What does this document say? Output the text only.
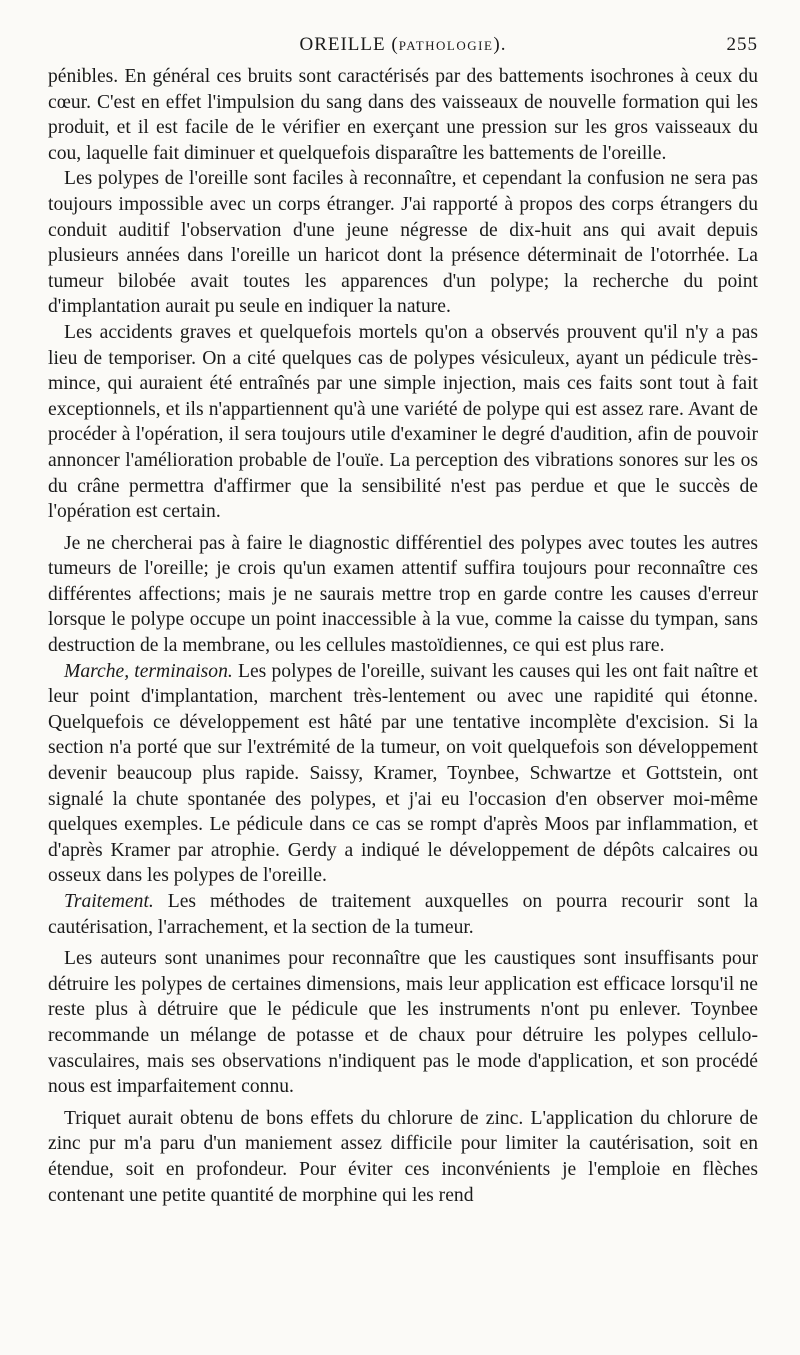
OREILLE (PATHOLOGIE).	255

pénibles. En général ces bruits sont caractérisés par des battements isochrones à ceux du cœur. C'est en effet l'impulsion du sang dans des vaisseaux de nouvelle formation qui les produit, et il est facile de le vérifier en exerçant une pression sur les gros vaisseaux du cou, laquelle fait diminuer et quelquefois disparaître les battements de l'oreille.

Les polypes de l'oreille sont faciles à reconnaître, et cependant la confusion ne sera pas toujours impossible avec un corps étranger. J'ai rapporté à propos des corps étrangers du conduit auditif l'observation d'une jeune négresse de dix-huit ans qui avait depuis plusieurs années dans l'oreille un haricot dont la présence déterminait de l'otorrhée. La tumeur bilobée avait toutes les apparences d'un polype; la recherche du point d'implantation aurait pu seule en indiquer la nature.

Les accidents graves et quelquefois mortels qu'on a observés prouvent qu'il n'y a pas lieu de temporiser. On a cité quelques cas de polypes vésiculeux, ayant un pédicule très-mince, qui auraient été entraînés par une simple injection, mais ces faits sont tout à fait exceptionnels, et ils n'appartiennent qu'à une variété de polype qui est assez rare. Avant de procéder à l'opération, il sera toujours utile d'examiner le degré d'audition, afin de pouvoir annoncer l'amélioration probable de l'ouïe. La perception des vibrations sonores sur les os du crâne permettra d'affirmer que la sensibilité n'est pas perdue et que le succès de l'opération est certain.

Je ne chercherai pas à faire le diagnostic différentiel des polypes avec toutes les autres tumeurs de l'oreille; je crois qu'un examen attentif suffira toujours pour reconnaître ces différentes affections; mais je ne saurais mettre trop en garde contre les causes d'erreur lorsque le polype occupe un point inaccessible à la vue, comme la caisse du tympan, sans destruction de la membrane, ou les cellules mastoïdiennes, ce qui est plus rare.

Marche, terminaison. Les polypes de l'oreille, suivant les causes qui les ont fait naître et leur point d'implantation, marchent très-lentement ou avec une rapidité qui étonne. Quelquefois ce développement est hâté par une tentative incomplète d'excision. Si la section n'a porté que sur l'extrémité de la tumeur, on voit quelquefois son développement devenir beaucoup plus rapide. Saissy, Kramer, Toynbee, Schwartze et Gottstein, ont signalé la chute spontanée des polypes, et j'ai eu l'occasion d'en observer moi-même quelques exemples. Le pédicule dans ce cas se rompt d'après Moos par inflammation, et d'après Kramer par atrophie. Gerdy a indiqué le développement de dépôts calcaires ou osseux dans les polypes de l'oreille.

Traitement. Les méthodes de traitement auxquelles on pourra recourir sont la cautérisation, l'arrachement, et la section de la tumeur.

Les auteurs sont unanimes pour reconnaître que les caustiques sont insuffisants pour détruire les polypes de certaines dimensions, mais leur application est efficace lorsqu'il ne reste plus à détruire que le pédicule que les instruments n'ont pu enlever. Toynbee recommande un mélange de potasse et de chaux pour détruire les polypes cellulo-vasculaires, mais ses observations n'indiquent pas le mode d'application, et son procédé nous est imparfaitement connu.

Triquet aurait obtenu de bons effets du chlorure de zinc. L'application du chlorure de zinc pur m'a paru d'un maniement assez difficile pour limiter la cautérisation, soit en étendue, soit en profondeur. Pour éviter ces inconvénients je l'emploie en flèches contenant une petite quantité de morphine qui les rend
